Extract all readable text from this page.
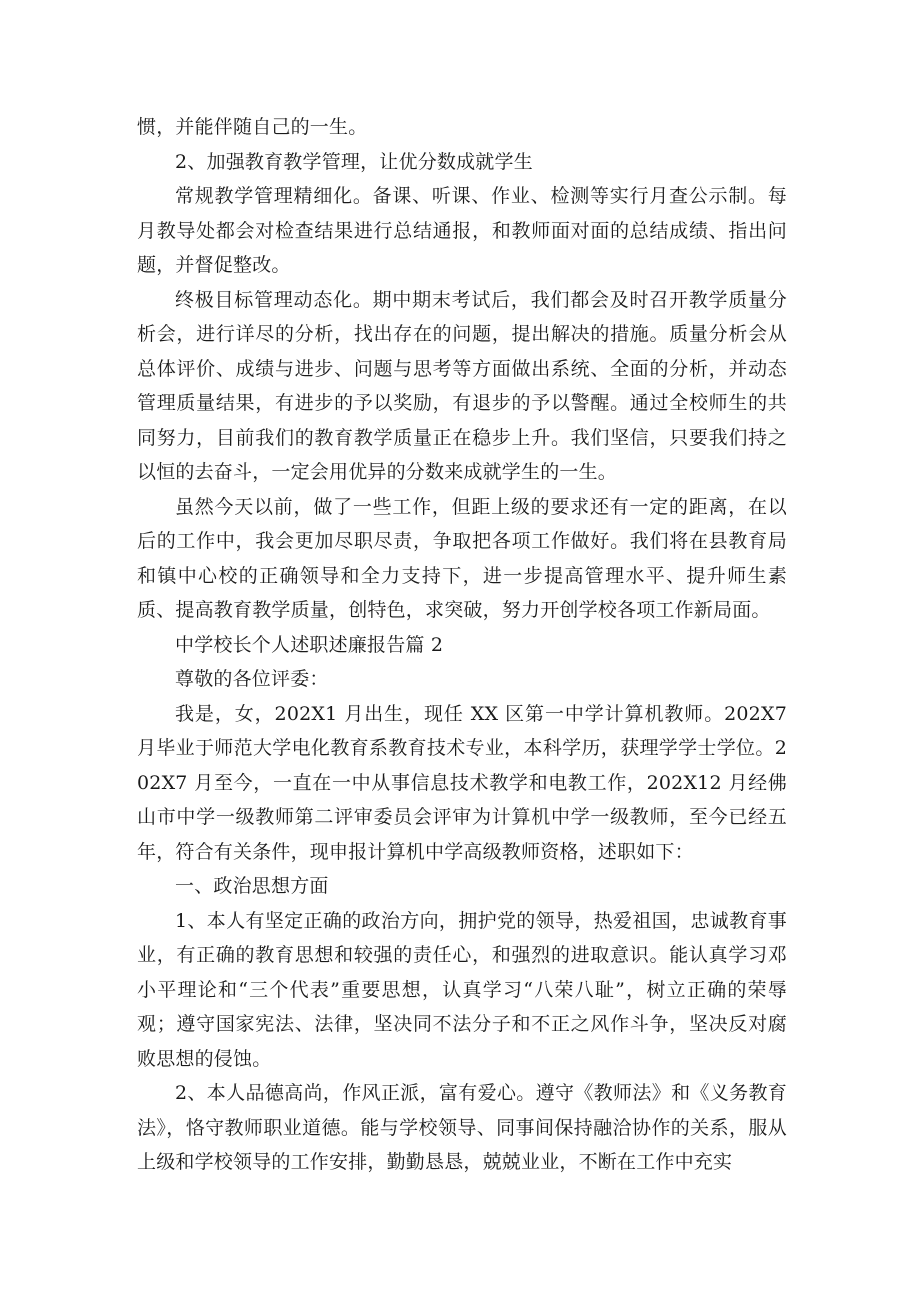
惯，并能伴随自己的一生。

2、加强教育教学管理，让优分数成就学生

常规教学管理精细化。备课、听课、作业、检测等实行月查公示制。每月教导处都会对检查结果进行总结通报，和教师面对面的总结成绩、指出问题，并督促整改。

终极目标管理动态化。期中期末考试后，我们都会及时召开教学质量分析会，进行详尽的分析，找出存在的问题，提出解决的措施。质量分析会从总体评价、成绩与进步、问题与思考等方面做出系统、全面的分析，并动态管理质量结果，有进步的予以奖励，有退步的予以警醒。通过全校师生的共同努力，目前我们的教育教学质量正在稳步上升。我们坚信，只要我们持之以恒的去奋斗，一定会用优异的分数来成就学生的一生。

虽然今天以前，做了一些工作，但距上级的要求还有一定的距离，在以后的工作中，我会更加尽职尽责，争取把各项工作做好。我们将在县教育局和镇中心校的正确领导和全力支持下，进一步提高管理水平、提升师生素质、提高教育教学质量，创特色，求突破，努力开创学校各项工作新局面。

中学校长个人述职述廉报告篇 2

尊敬的各位评委：

我是，女，202X1 月出生，现任 XX 区第一中学计算机教师。202X7 月毕业于师范大学电化教育系教育技术专业，本科学历，获理学学士学位。202X7 月至今，一直在一中从事信息技术教学和电教工作，202X12 月经佛山市中学一级教师第二评审委员会评审为计算机中学一级教师，至今已经五年，符合有关条件，现申报计算机中学高级教师资格，述职如下：

一、政治思想方面

1、本人有坚定正确的政治方向，拥护党的领导，热爱祖国，忠诚教育事业，有正确的教育思想和较强的责任心，和强烈的进取意识。能认真学习邓小平理论和“三个代表”重要思想，认真学习“八荣八耻”，树立正确的荣辱观；遵守国家宪法、法律，坚决同不法分子和不正之风作斗争，坚决反对腐败思想的侵蚀。

2、本人品德高尚，作风正派，富有爱心。遵守《教师法》和《义务教育法》，恪守教师职业道德。能与学校领导、同事间保持融洽协作的关系，服从上级和学校领导的工作安排，勤勤恳恳，兢兢业业，不断在工作中充实
